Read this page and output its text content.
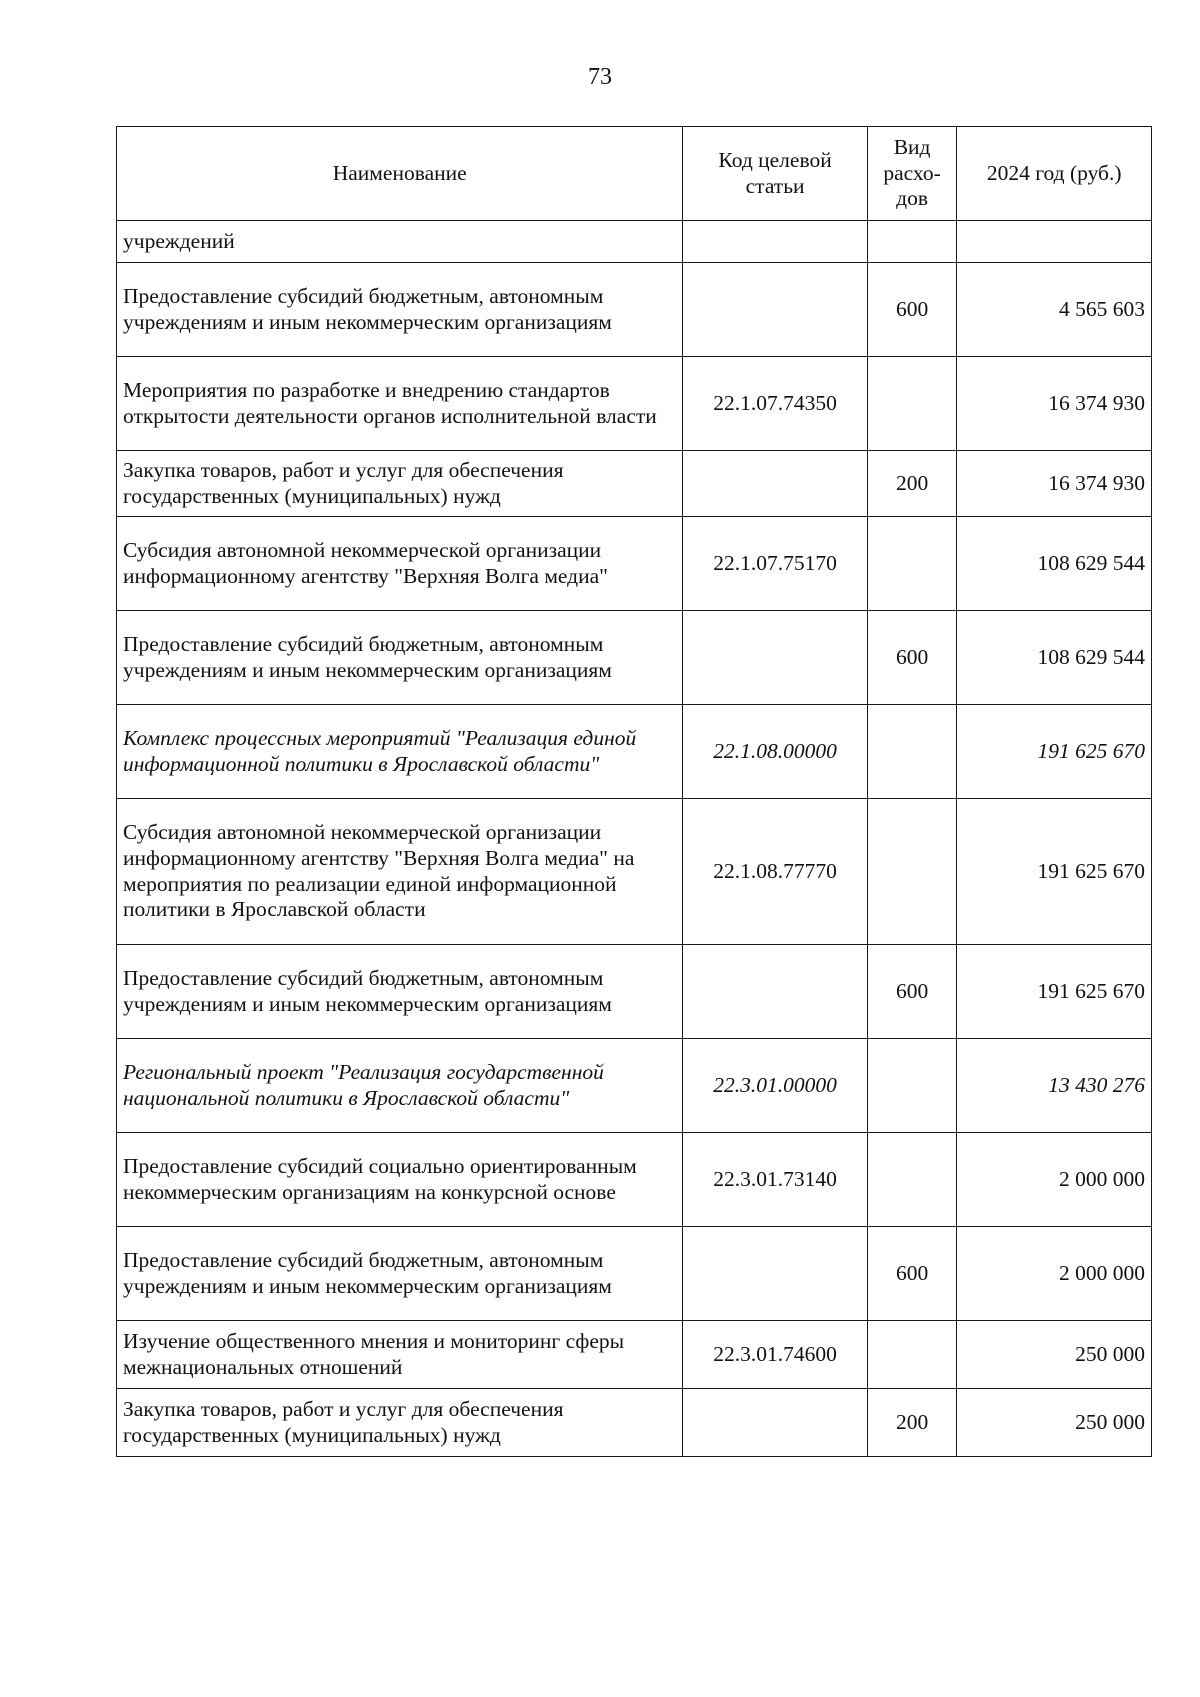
73
Наименование	Код целевой статьи	Вид расхо-дов	2024 год (руб.)
учреждений			
Предоставление субсидий бюджетным, автономным учреждениям и иным некоммерческим организациям		600	4 565 603
Мероприятия по разработке и внедрению стандартов открытости деятельности органов исполнительной власти	22.1.07.74350		16 374 930
Закупка товаров, работ и услуг для обеспечения государственных (муниципальных) нужд		200	16 374 930
Субсидия автономной некоммерческой организации информационному агентству "Верхняя Волга медиа"	22.1.07.75170		108 629 544
Предоставление субсидий бюджетным, автономным учреждениям и иным некоммерческим организациям		600	108 629 544
Комплекс процессных мероприятий "Реализация единой информационной политики в Ярославской области"	22.1.08.00000		191 625 670
Субсидия автономной некоммерческой организации информационному агентству "Верхняя Волга медиа" на мероприятия по реализации единой информационной политики в Ярославской области	22.1.08.77770		191 625 670
Предоставление субсидий бюджетным, автономным учреждениям и иным некоммерческим организациям		600	191 625 670
Региональный проект "Реализация государственной национальной политики в Ярославской области"	22.3.01.00000		13 430 276
Предоставление субсидий социально ориентированным некоммерческим организациям на конкурсной основе	22.3.01.73140		2 000 000
Предоставление субсидий бюджетным, автономным учреждениям и иным некоммерческим организациям		600	2 000 000
Изучение общественного мнения и мониторинг сферы межнациональных отношений	22.3.01.74600		250 000
Закупка товаров, работ и услуг для обеспечения государственных (муниципальных) нужд		200	250 000
